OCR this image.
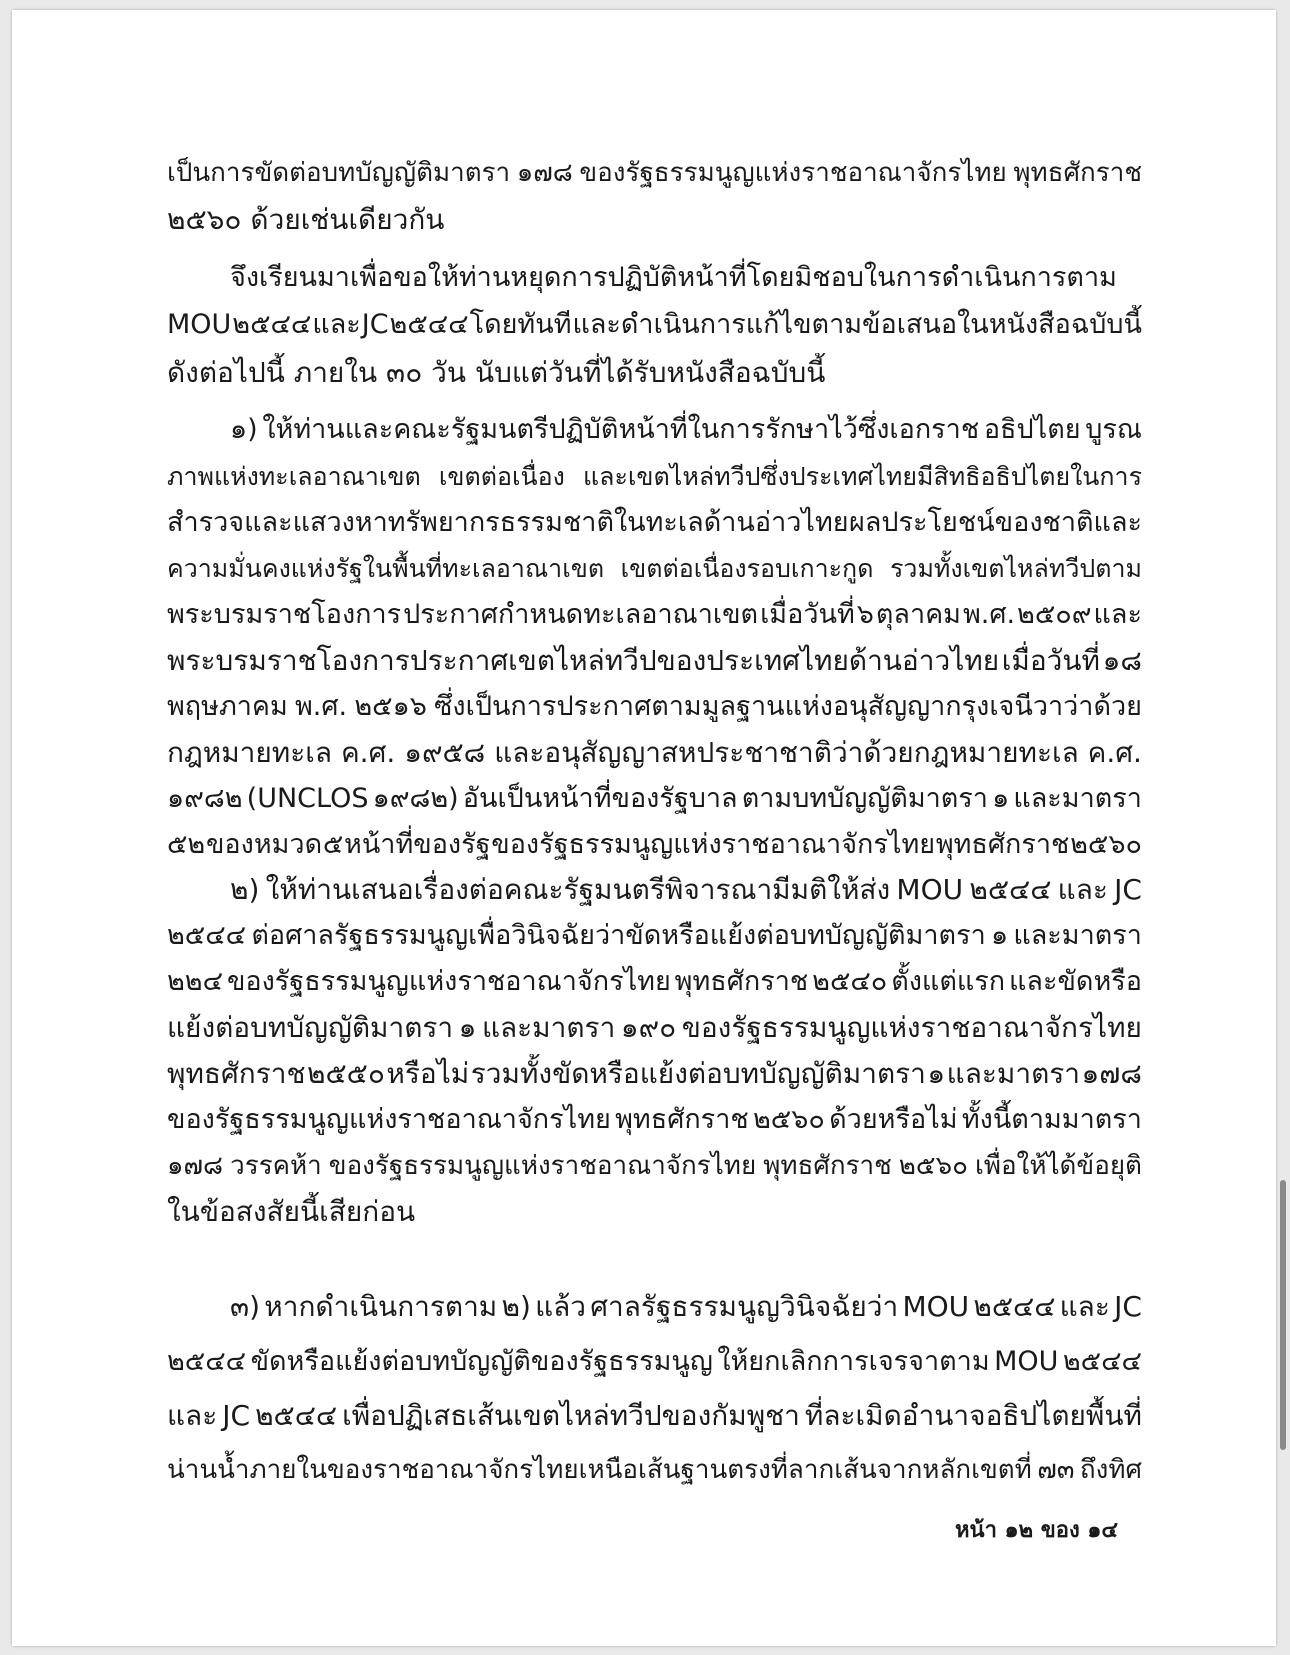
เป็นการขัดต่อบทบัญญัติมาตรา ๑๗๘ ของรัฐธรรมนูญแห่งราชอาณาจักรไทย พุทธศักราช
๒๕๖๐ ด้วยเช่นเดียวกัน
จึงเรียนมาเพื่อขอให้ท่านหยุดการปฏิบัติหน้าที่โดยมิชอบในการดำเนินการตาม
MOU ๒๕๔๔ และ JC ๒๕๔๔ โดยทันที และดำเนินการแก้ไขตามข้อเสนอในหนังสือฉบับนี้
ดังต่อไปนี้ ภายใน ๓๐ วัน นับแต่วันที่ได้รับหนังสือฉบับนี้
๑) ให้ท่านและคณะรัฐมนตรีปฏิบัติหน้าที่ในการรักษาไว้ซึ่งเอกราช อธิปไตย บูรณ
ภาพแห่งทะเลอาณาเขต เขตต่อเนื่อง และเขตไหล่ทวีปซึ่งประเทศไทยมีสิทธิอธิปไตยในการ
สำรวจและแสวงหาทรัพยากรธรรมชาติในทะเลด้านอ่าวไทย ผลประโยชน์ของชาติและ
ความมั่นคงแห่งรัฐในพื้นที่ทะเลอาณาเขต เขตต่อเนื่องรอบเกาะกูด รวมทั้งเขตไหล่ทวีปตาม
พระบรมราชโองการ ประกาศกำหนดทะเลอาณาเขต เมื่อวันที่ ๖ ตุลาคม พ.ศ. ๒๕๐๙ และ
พระบรมราชโองการประกาศเขตไหล่ทวีปของประเทศไทยด้านอ่าวไทย เมื่อวันที่ ๑๘
พฤษภาคม พ.ศ. ๒๕๑๖ ซึ่งเป็นการประกาศตามมูลฐานแห่งอนุสัญญากรุงเจนีวาว่าด้วย
กฎหมายทะเล ค.ศ. ๑๙๕๘ และอนุสัญญาสหประชาชาติว่าด้วยกฎหมายทะเล ค.ศ.
๑๙๘๒ (UNCLOS ๑๙๘๒) อันเป็นหน้าที่ของรัฐบาล ตามบทบัญญัติมาตรา ๑ และมาตรา
๕๒ ของหมวด ๕ หน้าที่ของรัฐ ของรัฐธรรมนูญแห่งราชอาณาจักรไทย พุทธศักราช ๒๕๖๐
๒) ให้ท่านเสนอเรื่องต่อคณะรัฐมนตรีพิจารณามีมติให้ส่ง MOU ๒๕๔๔ และ JC
๒๕๔๔ ต่อศาลรัฐธรรมนูญเพื่อวินิจฉัยว่าขัดหรือแย้งต่อบทบัญญัติมาตรา ๑ และมาตรา
๒๒๔ ของรัฐธรรมนูญแห่งราชอาณาจักรไทย พุทธศักราช ๒๕๔๐ ตั้งแต่แรก และขัดหรือ
แย้งต่อบทบัญญัติมาตรา ๑ และมาตรา ๑๙๐ ของรัฐธรรมนูญแห่งราชอาณาจักรไทย
พุทธศักราช ๒๕๕๐ หรือไม่ รวมทั้งขัดหรือแย้งต่อบทบัญญัติมาตรา ๑ และมาตรา ๑๗๘
ของรัฐธรรมนูญแห่งราชอาณาจักรไทย พุทธศักราช ๒๕๖๐ ด้วยหรือไม่ ทั้งนี้ตามมาตรา
๑๗๘ วรรคห้า ของรัฐธรรมนูญแห่งราชอาณาจักรไทย พุทธศักราช ๒๕๖๐ เพื่อให้ได้ข้อยุติ
ในข้อสงสัยนี้เสียก่อน
๓) หากดำเนินการตาม ๒) แล้ว ศาลรัฐธรรมนูญวินิจฉัยว่า MOU ๒๕๔๔ และ JC
๒๕๔๔ ขัดหรือแย้งต่อบทบัญญัติของรัฐธรรมนูญ ให้ยกเลิกการเจรจาตาม MOU ๒๕๔๔
และ JC ๒๕๔๔ เพื่อปฏิเสธเส้นเขตไหล่ทวีปของกัมพูชา ที่ละเมิดอำนาจอธิปไตยพื้นที่
น่านน้ำภายในของราชอาณาจักรไทยเหนือเส้นฐานตรงที่ลากเส้นจากหลักเขตที่ ๗๓ ถึงทิศ
หน้า ๑๒ ของ ๑๔
